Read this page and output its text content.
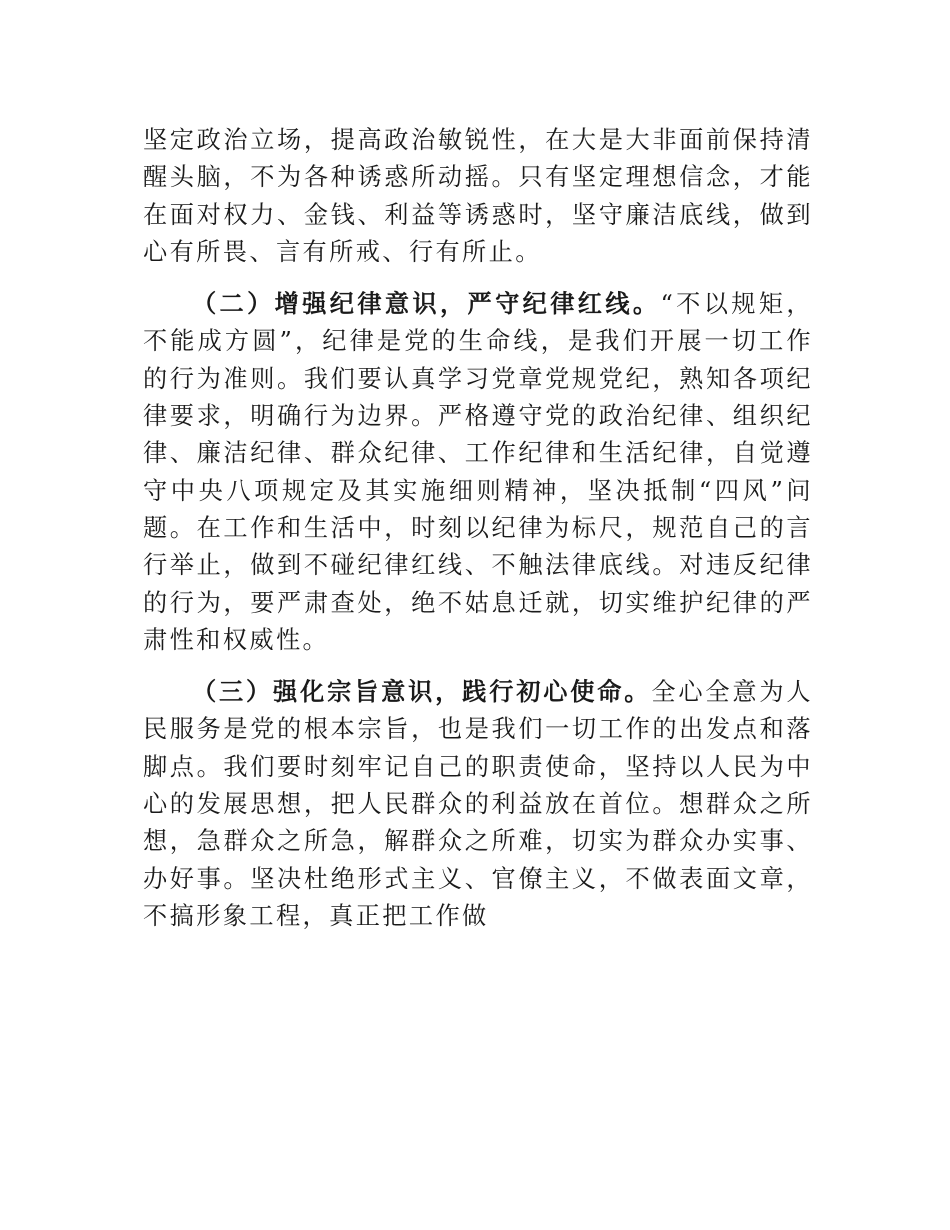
坚定政治立场，提高政治敏锐性，在大是大非面前保持清醒头脑，不为各种诱惑所动摇。只有坚定理想信念，才能在面对权力、金钱、利益等诱惑时，坚守廉洁底线，做到心有所畏、言有所戒、行有所止。

（二）增强纪律意识，严守纪律红线。“不以规矩，不能成方圆”，纪律是党的生命线，是我们开展一切工作的行为准则。我们要认真学习党章党规党纪，熟知各项纪律要求，明确行为边界。严格遵守党的政治纪律、组织纪律、廉洁纪律、群众纪律、工作纪律和生活纪律，自觉遵守中央八项规定及其实施细则精神，坚决抵制“四风”问题。在工作和生活中，时刻以纪律为标尺，规范自己的言行举止，做到不碰纪律红线、不触法律底线。对违反纪律的行为，要严肃查处，绝不姑息迁就，切实维护纪律的严肃性和权威性。

（三）强化宗旨意识，践行初心使命。全心全意为人民服务是党的根本宗旨，也是我们一切工作的出发点和落脚点。我们要时刻牢记自己的职责使命，坚持以人民为中心的发展思想，把人民群众的利益放在首位。想群众之所想，急群众之所急，解群众之所难，切实为群众办实事、办好事。坚决杜绝形式主义、官僚主义，不做表面文章，不搞形象工程，真正把工作做
